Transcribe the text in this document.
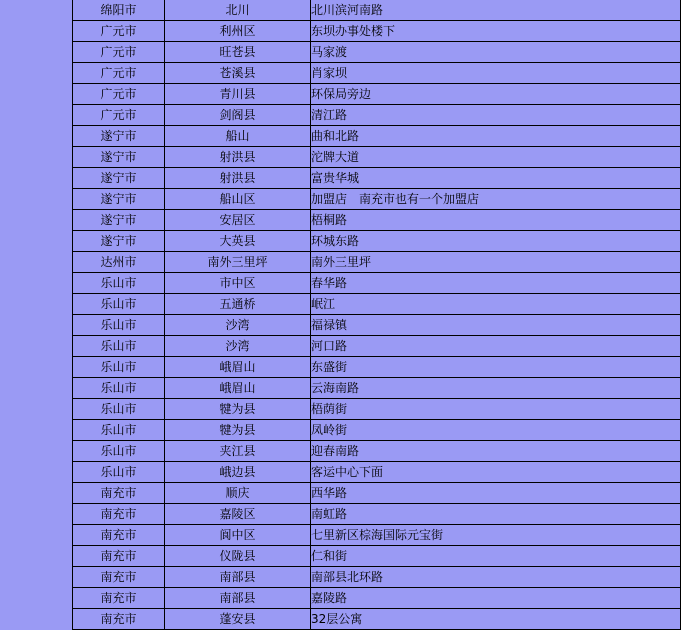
绵阳市	北川	北川滨河南路
广元市	利州区	东坝办事处楼下
广元市	旺苍县	马家渡
广元市	苍溪县	肖家坝
广元市	青川县	环保局旁边
广元市	剑阁县	清江路
遂宁市	船山	曲和北路
遂宁市	射洪县	沱牌大道
遂宁市	射洪县	富贵华城
遂宁市	船山区	加盟店　南充市也有一个加盟店
遂宁市	安居区	梧桐路
遂宁市	大英县	环城东路
达州市	南外三里坪	南外三里坪
乐山市	市中区	春华路
乐山市	五通桥	岷江
乐山市	沙湾	福禄镇
乐山市	沙湾	河口路
乐山市	峨眉山	东盛街
乐山市	峨眉山	云海南路
乐山市	犍为县	梧荫街
乐山市	犍为县	凤岭街
乐山市	夹江县	迎春南路
乐山市	峨边县	客运中心下面
南充市	顺庆	西华路
南充市	嘉陵区	南虹路
南充市	阆中区	七里新区棕海国际元宝街
南充市	仪陇县	仁和街
南充市	南部县	南部县北环路
南充市	南部县	嘉陵路
南充市	蓬安县	32层公寓
